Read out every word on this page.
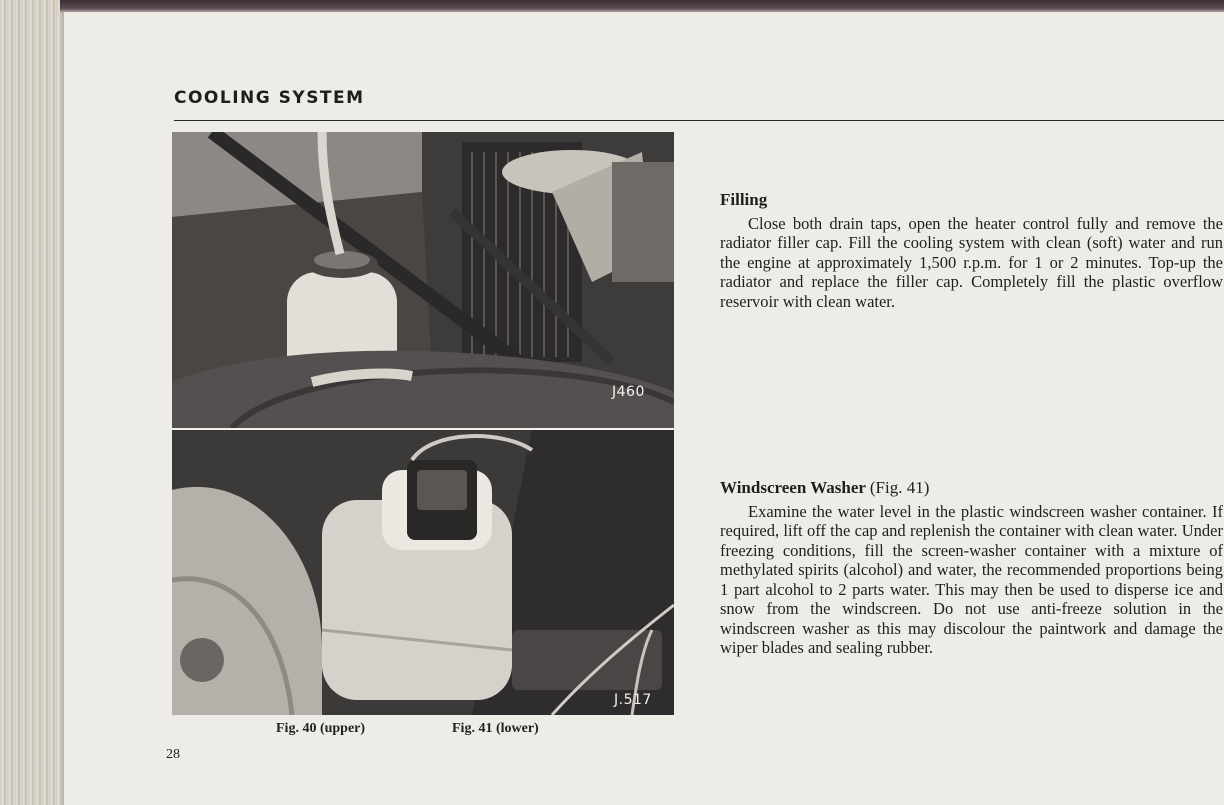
COOLING SYSTEM
J460
J.517
Fig. 40 (upper)	Fig. 41 (lower)
28

Filling

Close both drain taps, open the heater control fully and remove the radiator filler cap. Fill the cooling system with clean (soft) water and run the engine at approximately 1,500 r.p.m. for 1 or 2 minutes. Top-up the radiator and replace the filler cap. Completely fill the plastic overflow reservoir with clean water.

Windscreen Washer (Fig. 41)

Examine the water level in the plastic windscreen washer container. If required, lift off the cap and replenish the container with clean water. Under freezing conditions, fill the screen-washer container with a mixture of methylated spirits (alcohol) and water, the recommended proportions being 1 part alcohol to 2 parts water. This may then be used to disperse ice and snow from the windscreen. Do not use anti-freeze solution in the windscreen washer as this may discolour the paintwork and damage the wiper blades and sealing rubber.
